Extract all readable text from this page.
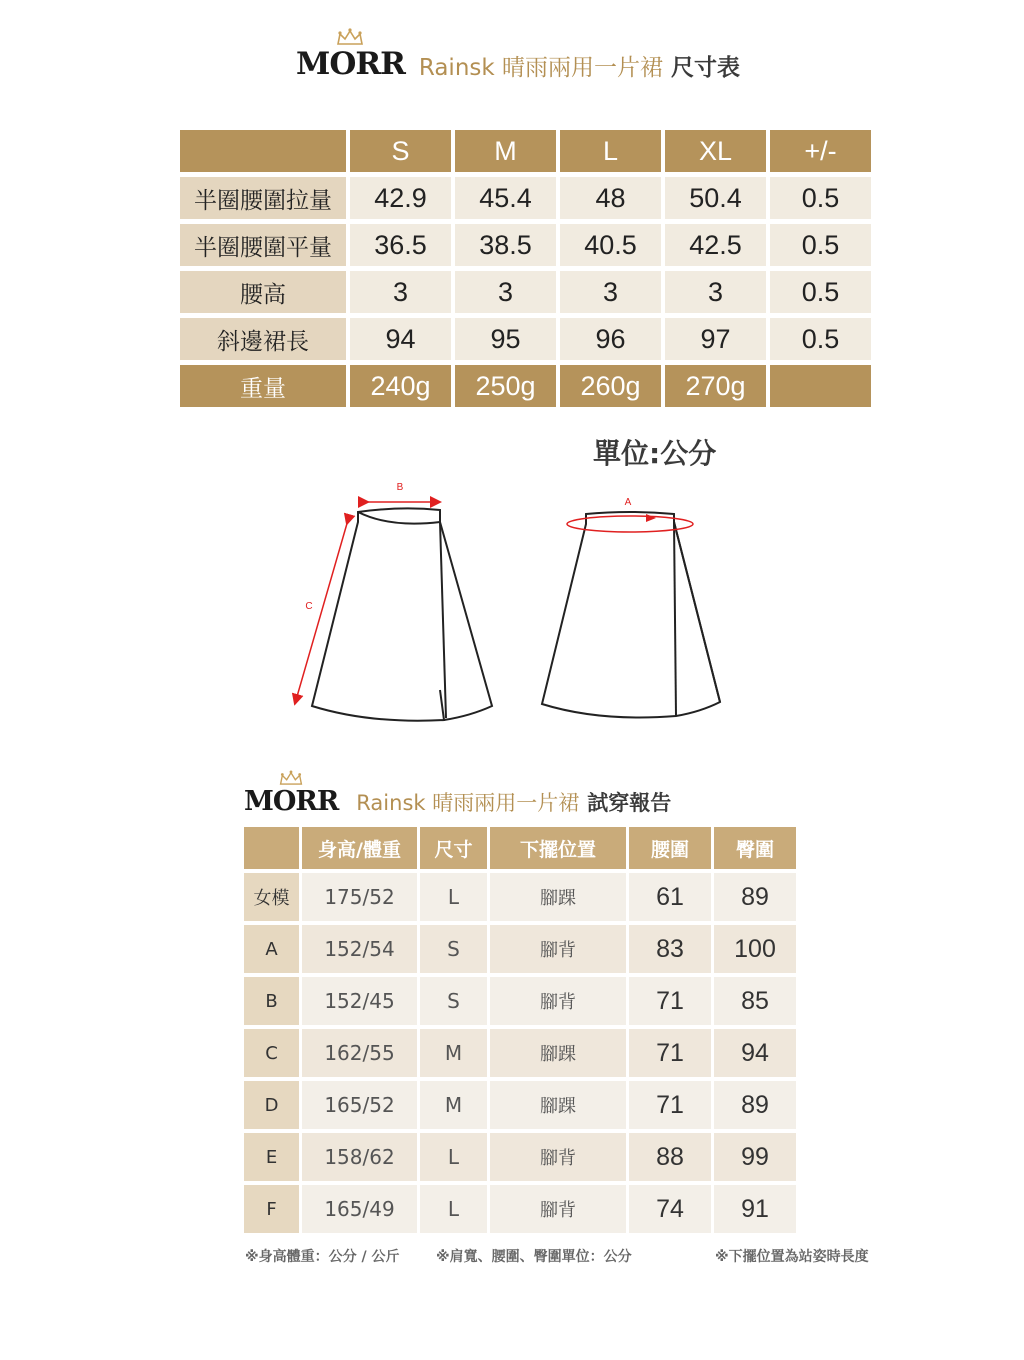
MORR Rainsk 晴雨兩用一片裙 尺寸表
	S	M	L	XL	+/-
半圈腰圍拉量	42.9	45.4	48	50.4	0.5
半圈腰圍平量	36.5	38.5	40.5	42.5	0.5
腰高	3	3	3	3	0.5
斜邊裙長	94	95	96	97	0.5
重量	240g	250g	260g	270g	
單位:公分
B
C
A
MORR Rainsk 晴雨兩用一片裙 試穿報告
	身高/體重	尺寸	下擺位置	腰圍	臀圍
女模	175/52	L	腳踝	61	89
A	152/54	S	腳背	83	100
B	152/45	S	腳背	71	85
C	162/55	M	腳踝	71	94
D	165/52	M	腳踝	71	89
E	158/62	L	腳背	88	99
F	165/49	L	腳背	74	91
※身高體重：公分 / 公斤	※肩寬、腰圍、臀圍單位：公分	※下擺位置為站姿時長度
